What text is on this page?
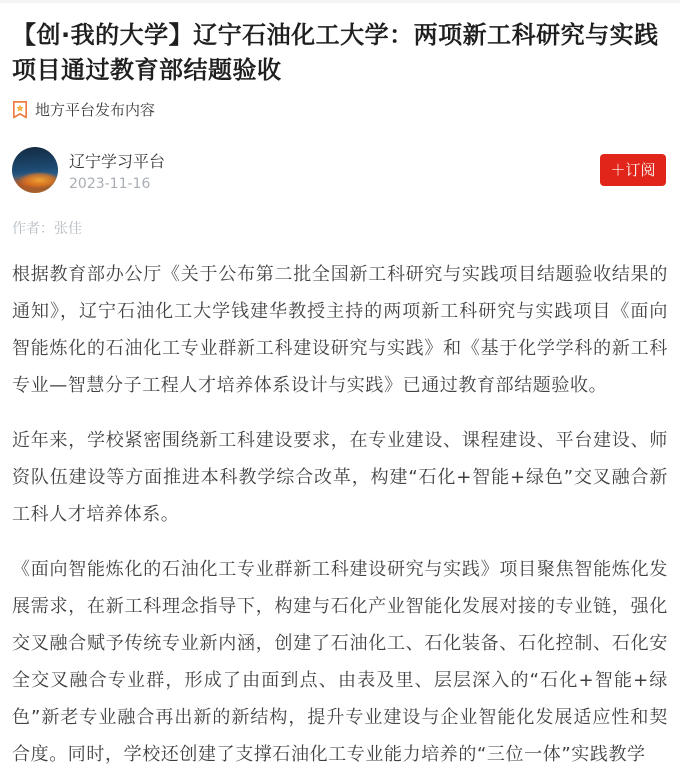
【创·我的大学】辽宁石油化工大学：两项新工科研究与实践项目通过教育部结题验收
地方平台发布内容
辽宁学习平台
2023-11-16
＋订阅
作者：张佳

根据教育部办公厅《关于公布第二批全国新工科研究与实践项目结题验收结果的通知》，辽宁石油化工大学钱建华教授主持的两项新工科研究与实践项目《面向智能炼化的石油化工专业群新工科建设研究与实践》和《基于化学学科的新工科专业—智慧分子工程人才培养体系设计与实践》已通过教育部结题验收。

近年来，学校紧密围绕新工科建设要求，在专业建设、课程建设、平台建设、师资队伍建设等方面推进本科教学综合改革，构建“石化+智能+绿色”交叉融合新工科人才培养体系。

《面向智能炼化的石油化工专业群新工科建设研究与实践》项目聚焦智能炼化发展需求，在新工科理念指导下，构建与石化产业智能化发展对接的专业链，强化交叉融合赋予传统专业新内涵，创建了石油化工、石化装备、石化控制、石化安全交叉融合专业群，形成了由面到点、由表及里、层层深入的“石化+智能+绿色”新老专业融合再出新的新结构，提升专业建设与企业智能化发展适应性和契合度。同时，学校还创建了支撑石油化工专业能力培养的“三位一体”实践教学
